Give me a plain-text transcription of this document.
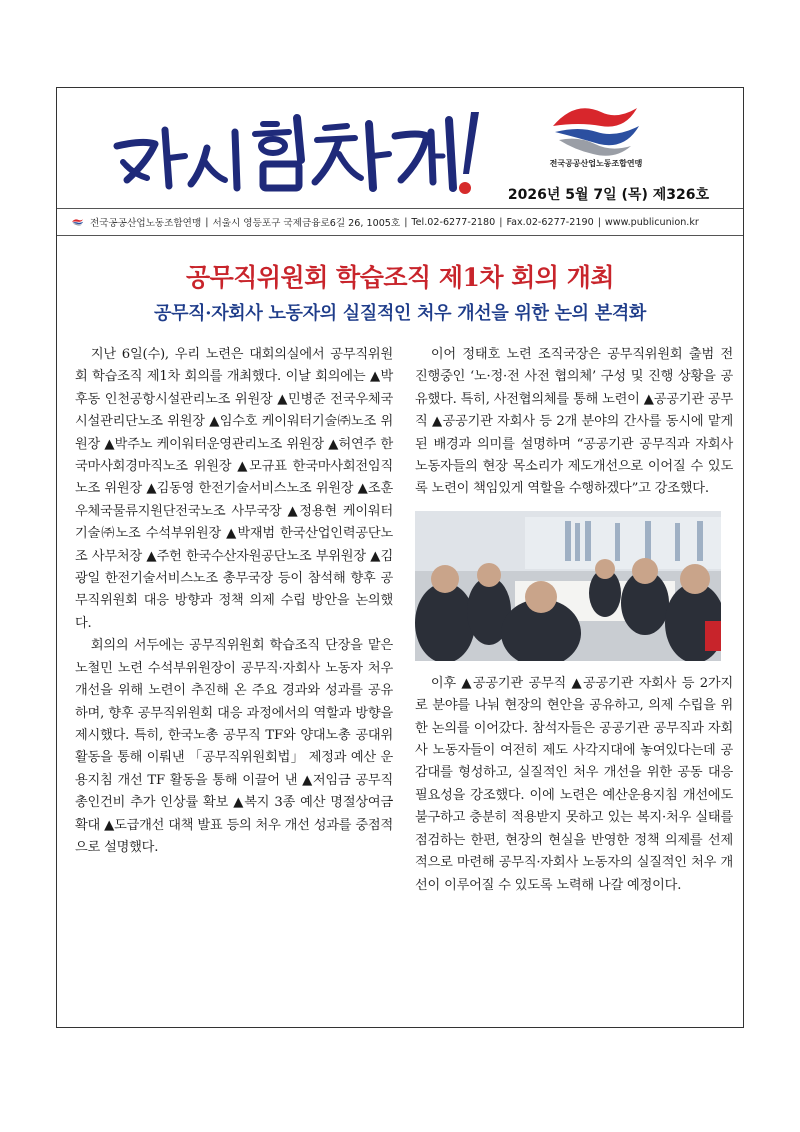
전국공공산업노동조합연맹
2026년 5월 7일 (목) 제326호
전국공공산업노동조합연맹 | 서울시 영등포구 국제금융로6길 26, 1005호 | Tel.02-6277-2180 | Fax.02-6277-2190 | www.publicunion.kr
공무직위원회 학습조직 제1차 회의 개최
공무직·자회사 노동자의 실질적인 처우 개선을 위한 논의 본격화

지난 6일(수), 우리 노련은 대회의실에서 공무직위원회 학습조직 제1차 회의를 개최했다. 이날 회의에는 ▲박후동 인천공항시설관리노조 위원장 ▲민병준 전국우체국시설관리단노조 위원장 ▲임수호 케이워터기술㈜노조 위원장 ▲박주노 케이워터운영관리노조 위원장 ▲허연주 한국마사회경마직노조 위원장 ▲모규표 한국마사회전임직노조 위원장 ▲김동영 한전기술서비스노조 위원장 ▲조훈 우체국물류지원단전국노조 사무국장 ▲정용현 케이워터기술㈜노조 수석부위원장 ▲박재범 한국산업인력공단노조 사무처장 ▲주헌 한국수산자원공단노조 부위원장 ▲김광일 한전기술서비스노조 총무국장 등이 참석해 향후 공무직위원회 대응 방향과 정책 의제 수립 방안을 논의했다.

회의의 서두에는 공무직위원회 학습조직 단장을 맡은 노철민 노련 수석부위원장이 공무직·자회사 노동자 처우 개선을 위해 노련이 추진해 온 주요 경과와 성과를 공유하며, 향후 공무직위원회 대응 과정에서의 역할과 방향을 제시했다. 특히, 한국노총 공무직 TF와 양대노총 공대위 활동을 통해 이뤄낸 「공무직위원회법」 제정과 예산 운용지침 개선 TF 활동을 통해 이끌어 낸 ▲저임금 공무직 총인건비 추가 인상률 확보 ▲복지 3종 예산 명절상여금 확대 ▲도급개선 대책 발표 등의 처우 개선 성과를 중점적으로 설명했다.

이어 정태호 노련 조직국장은 공무직위원회 출범 전 진행중인 ‘노·정·전 사전 협의체’ 구성 및 진행 상황을 공유했다. 특히, 사전협의체를 통해 노련이 ▲공공기관 공무직 ▲공공기관 자회사 등 2개 분야의 간사를 동시에 맡게 된 배경과 의미를 설명하며 “공공기관 공무직과 자회사 노동자들의 현장 목소리가 제도개선으로 이어질 수 있도록 노련이 책임있게 역할을 수행하겠다”고 강조했다.

이후 ▲공공기관 공무직 ▲공공기관 자회사 등 2가지로 분야를 나눠 현장의 현안을 공유하고, 의제 수립을 위한 논의를 이어갔다. 참석자들은 공공기관 공무직과 자회사 노동자들이 여전히 제도 사각지대에 놓여있다는데 공감대를 형성하고, 실질적인 처우 개선을 위한 공동 대응 필요성을 강조했다. 이에 노련은 예산운용지침 개선에도 불구하고 충분히 적용받지 못하고 있는 복지·처우 실태를 점검하는 한편, 현장의 현실을 반영한 정책 의제를 선제적으로 마련해 공무직·자회사 노동자의 실질적인 처우 개선이 이루어질 수 있도록 노력해 나갈 예정이다.
